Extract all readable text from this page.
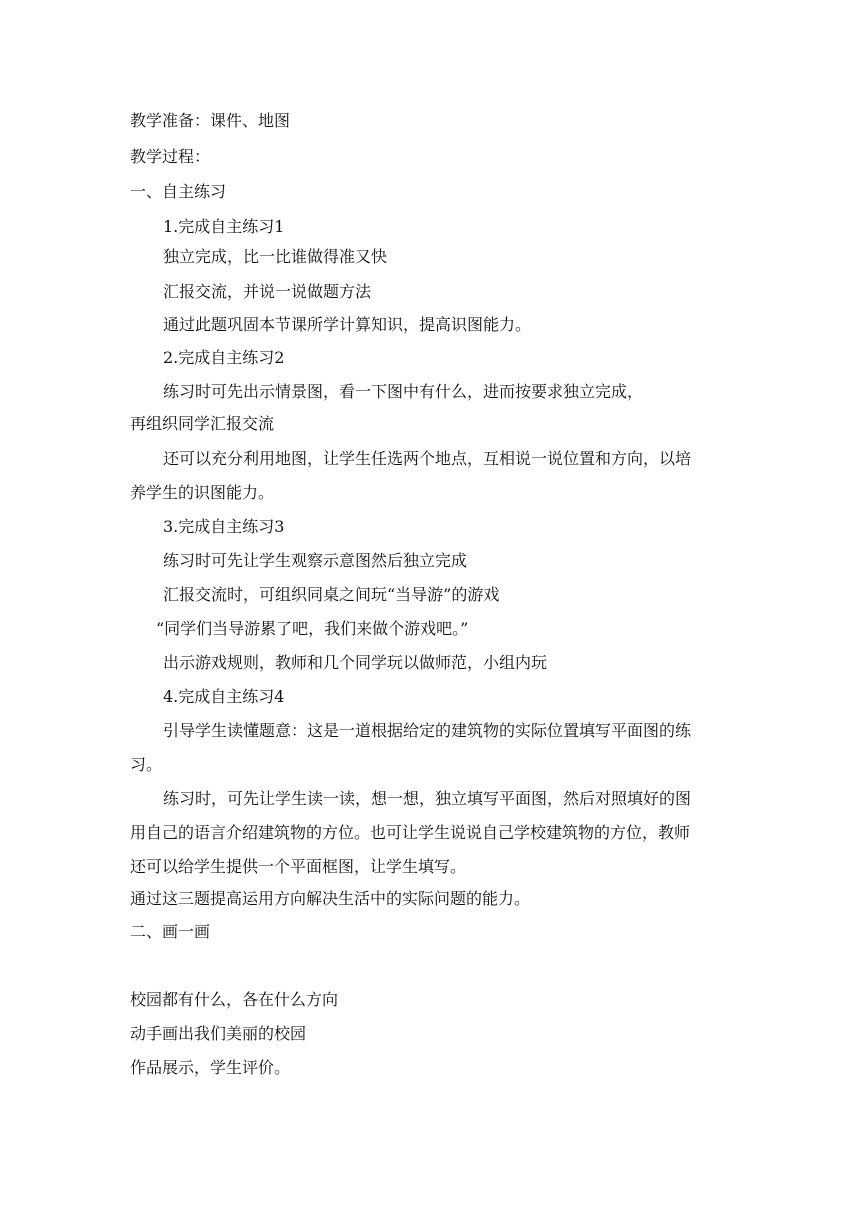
教学准备：课件、地图
教学过程：
一、自主练习
1.完成自主练习1
独立完成，比一比谁做得准又快
汇报交流，并说一说做题方法
通过此题巩固本节课所学计算知识，提高识图能力。
2.完成自主练习2
练习时可先出示情景图，看一下图中有什么，进而按要求独立完成，
再组织同学汇报交流
还可以充分利用地图，让学生任选两个地点，互相说一说位置和方向，以培
养学生的识图能力。
3.完成自主练习3
练习时可先让学生观察示意图然后独立完成
汇报交流时，可组织同桌之间玩“当导游”的游戏
“同学们当导游累了吧，我们来做个游戏吧。”
出示游戏规则，教师和几个同学玩以做师范，小组内玩
4.完成自主练习4
引导学生读懂题意：这是一道根据给定的建筑物的实际位置填写平面图的练
习。
练习时，可先让学生读一读，想一想，独立填写平面图，然后对照填好的图
用自己的语言介绍建筑物的方位。也可让学生说说自己学校建筑物的方位，教师
还可以给学生提供一个平面框图，让学生填写。
通过这三题提高运用方向解决生活中的实际问题的能力。
二、画一画
校园都有什么，各在什么方向
动手画出我们美丽的校园
作品展示，学生评价。
